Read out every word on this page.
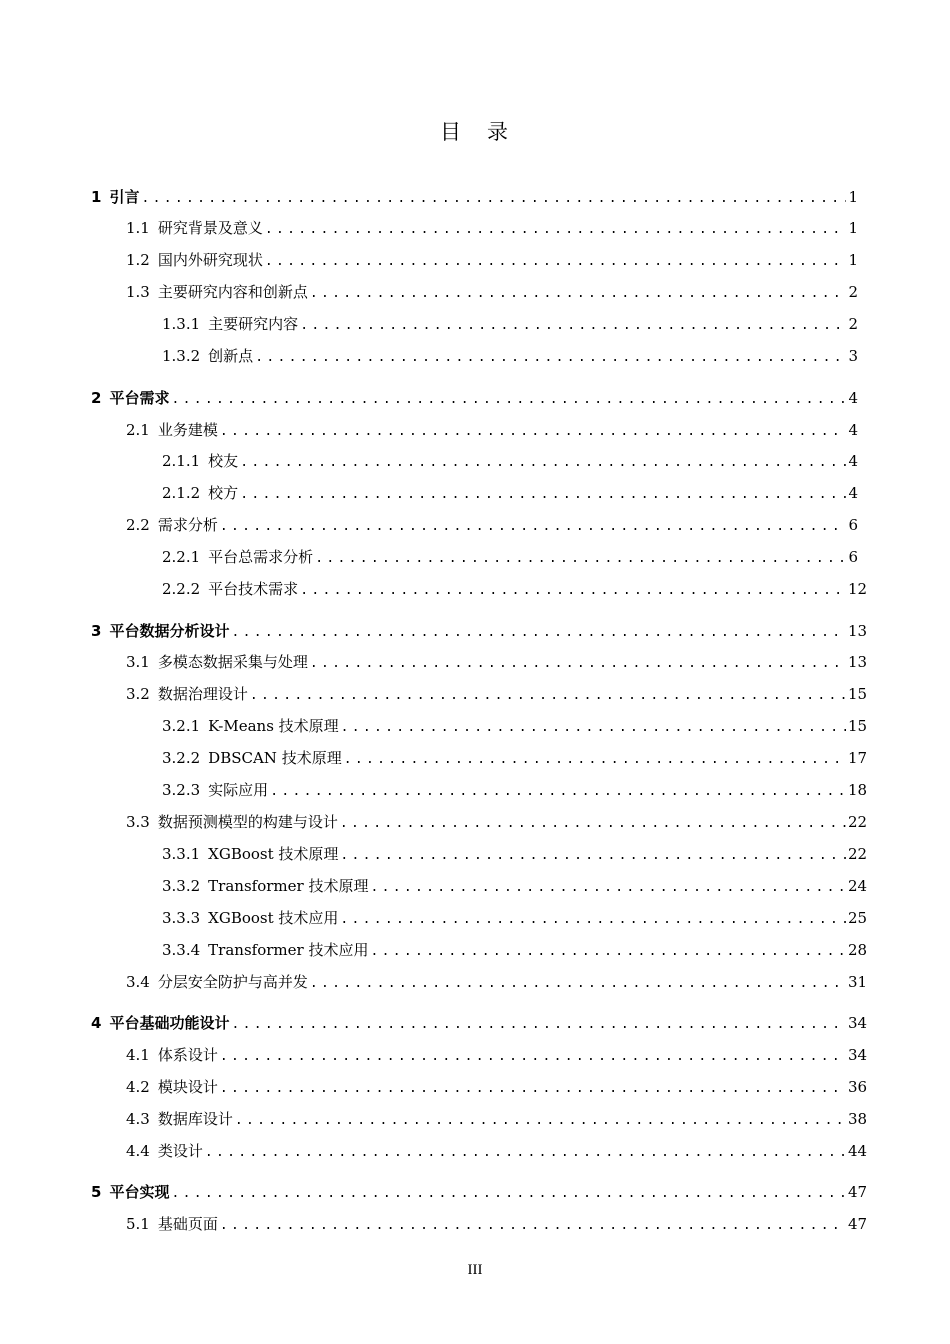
目 录
1 引言 .....	1
1.1 研究背景及意义 .....	1
1.2 国内外研究现状 .....	1
1.3 主要研究内容和创新点 .....	2
1.3.1 主要研究内容 .....	2
1.3.2 创新点 .....	3
2 平台需求 .....	4
2.1 业务建模 .....	4
2.1.1 校友 .....	4
2.1.2 校方 .....	4
2.2 需求分析 .....	6
2.2.1 平台总需求分析 .....	6
2.2.2 平台技术需求 .....	12
3 平台数据分析设计 .....	13
3.1 多模态数据采集与处理 .....	13
3.2 数据治理设计 .....	15
3.2.1 K-Means 技术原理 .....	15
3.2.2 DBSCAN 技术原理 .....	17
3.2.3 实际应用 .....	18
3.3 数据预测模型的构建与设计 .....	22
3.3.1 XGBoost 技术原理 .....	22
3.3.2 Transformer 技术原理 .....	24
3.3.3 XGBoost 技术应用 .....	25
3.3.4 Transformer 技术应用 .....	28
3.4 分层安全防护与高并发 .....	31
4 平台基础功能设计 .....	34
4.1 体系设计 .....	34
4.2 模块设计 .....	36
4.3 数据库设计 .....	38
4.4 类设计 .....	44
5 平台实现 .....	47
5.1 基础页面 .....	47
III
